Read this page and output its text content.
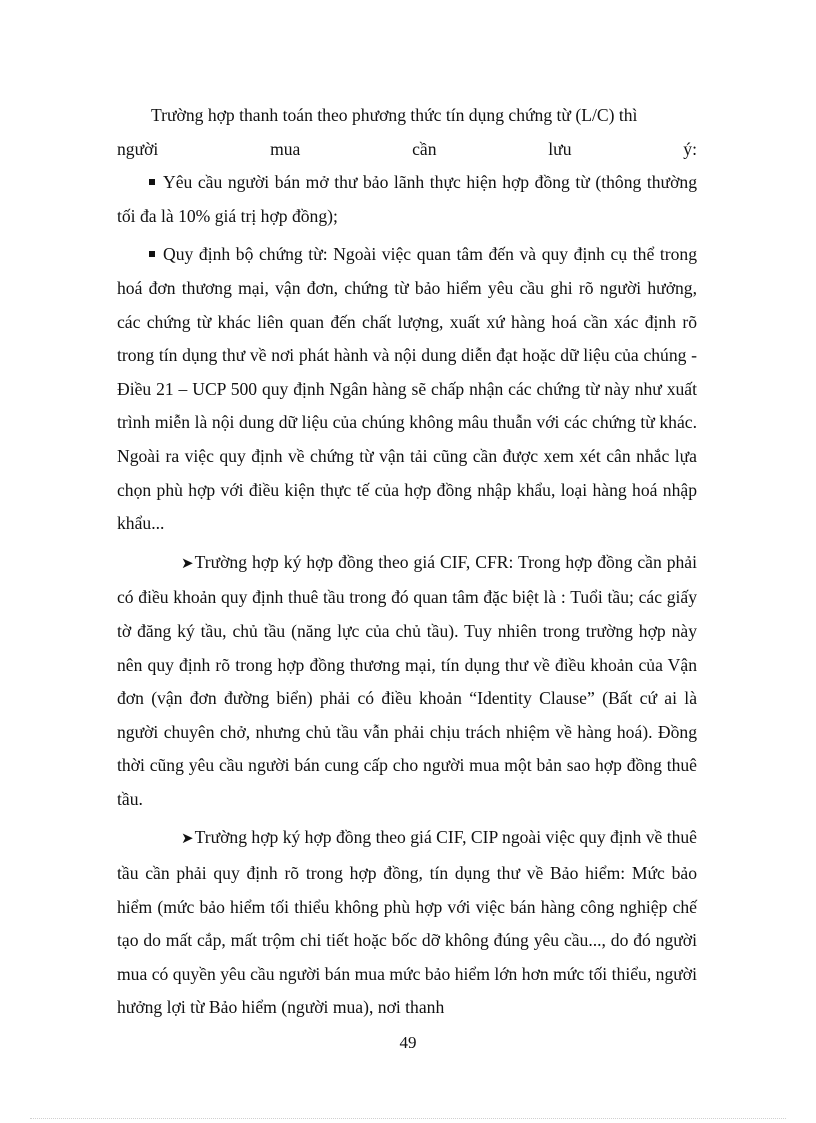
Trường hợp thanh toán theo phương thức tín dụng chứng từ (L/C) thì

người	mua	cần	lưu	ý:

Yêu cầu người bán mở thư bảo lãnh thực hiện hợp đồng từ (thông thường tối đa là 10% giá trị hợp đồng);

Quy định bộ chứng từ: Ngoài việc quan tâm đến và quy định cụ thể trong hoá đơn thương mại, vận đơn, chứng từ bảo hiểm yêu cầu ghi rõ người hưởng, các chứng từ khác liên quan đến chất lượng, xuất xứ hàng hoá cần xác định rõ trong tín dụng thư về nơi phát hành và nội dung diễn đạt hoặc dữ liệu của chúng - Điều 21 – UCP 500 quy định Ngân hàng sẽ chấp nhận các chứng từ này như xuất trình miễn là nội dung dữ liệu của chúng không mâu thuẫn với các chứng từ khác. Ngoài ra việc quy định về chứng từ vận tải cũng cần được xem xét cân nhắc lựa chọn phù hợp với điều kiện thực tế của hợp đồng nhập khẩu, loại hàng hoá nhập khẩu...

➤Trường hợp ký hợp đồng theo giá CIF, CFR: Trong hợp đồng cần phải có điều khoản quy định thuê tầu trong đó quan tâm đặc biệt là : Tuổi tầu; các giấy tờ đăng ký tầu, chủ tầu (năng lực của chủ tầu). Tuy nhiên trong trường hợp này nên quy định rõ trong hợp đồng thương mại, tín dụng thư về điều khoản của Vận đơn (vận đơn đường biển) phải có điều khoản “Identity Clause” (Bất cứ ai là người chuyên chở, nhưng chủ tầu vẫn phải chịu trách nhiệm về hàng hoá). Đồng thời cũng yêu cầu người bán cung cấp cho người mua một bản sao hợp đồng thuê tầu.

➤Trường hợp ký hợp đồng theo giá CIF, CIP ngoài việc quy định về thuê tầu cần phải quy định rõ trong hợp đồng, tín dụng thư về Bảo hiểm: Mức bảo hiểm (mức bảo hiểm tối thiểu không phù hợp với việc bán hàng công nghiệp chế tạo do mất cắp, mất trộm chi tiết hoặc bốc dỡ không đúng yêu cầu..., do đó người mua có quyền yêu cầu người bán mua mức bảo hiểm lớn hơn mức tối thiểu, người hưởng lợi từ Bảo hiểm (người mua), nơi thanh

49
